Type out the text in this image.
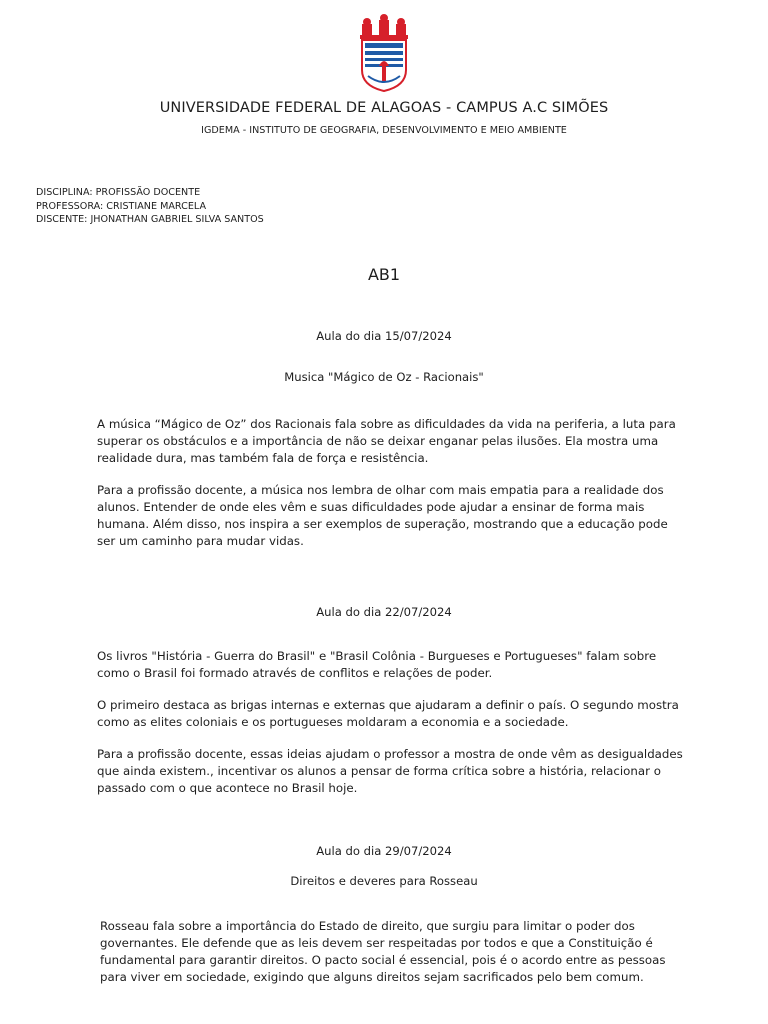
UNIVERSIDADE FEDERAL DE ALAGOAS - CAMPUS A.C SIMÕES
IGDEMA - INSTITUTO DE GEOGRAFIA, DESENVOLVIMENTO E MEIO AMBIENTE
DISCIPLINA: PROFISSÃO DOCENTE
PROFESSORA: CRISTIANE MARCELA
DISCENTE: JHONATHAN GABRIEL SILVA SANTOS
AB1
Aula do dia 15/07/2024
Musica "Mágico de Oz - Racionais"

A música “Mágico de Oz” dos Racionais fala sobre as dificuldades da vida na periferia, a luta para superar os obstáculos e a importância de não se deixar enganar pelas ilusões. Ela mostra uma realidade dura, mas também fala de força e resistência.

Para a profissão docente, a música nos lembra de olhar com mais empatia para a realidade dos alunos. Entender de onde eles vêm e suas dificuldades pode ajudar a ensinar de forma mais humana. Além disso, nos inspira a ser exemplos de superação, mostrando que a educação pode ser um caminho para mudar vidas.

Aula do dia 22/07/2024

Os livros "História - Guerra do Brasil" e "Brasil Colônia - Burgueses e Portugueses" falam sobre como o Brasil foi formado através de conflitos e relações de poder.

O primeiro destaca as brigas internas e externas que ajudaram a definir o país. O segundo mostra como as elites coloniais e os portugueses moldaram a economia e a sociedade.

Para a profissão docente, essas ideias ajudam o professor a mostra de onde vêm as desigualdades que ainda existem., incentivar os alunos a pensar de forma crítica sobre a história, relacionar o passado com o que acontece no Brasil hoje.

Aula do dia 29/07/2024
Direitos e deveres para Rosseau

Rosseau fala sobre a importância do Estado de direito, que surgiu para limitar o poder dos governantes. Ele defende que as leis devem ser respeitadas por todos e que a Constituição é fundamental para garantir direitos. O pacto social é essencial, pois é o acordo entre as pessoas para viver em sociedade, exigindo que alguns direitos sejam sacrificados pelo bem comum.
